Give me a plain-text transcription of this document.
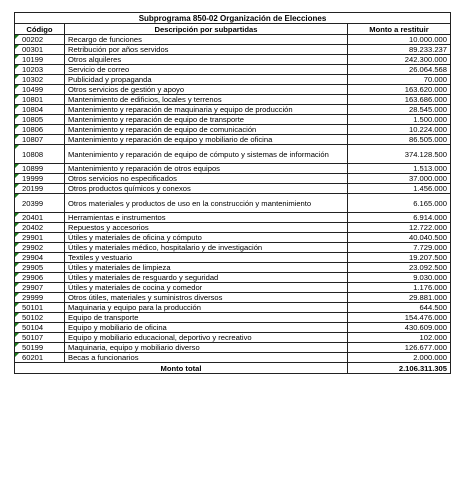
Subprograma 850-02 Organización de Elecciones		
Código	Descripción por subpartidas	Monto a restituir
00202	Recargo de funciones	10.000.000
00301	Retribución por años servidos	89.233.237
10199	Otros alquileres	242.300.000
10203	Servicio de correo	26.064.568
10302	Publicidad y propaganda	70.000
10499	Otros servicios de gestión y apoyo	163.620.000
10801	Mantenimiento de edificios, locales y terrenos	163.686.000
10804	Mantenimiento y reparación de maquinaria y equipo de producción	28.545.000
10805	Mantenimiento y reparación de equipo de transporte	1.500.000
10806	Mantenimiento y reparación de equipo de comunicación	10.224.000
10807	Mantenimiento y reparación de equipo y mobiliario de oficina	86.505.000
10808	Mantenimiento y reparación de equipo de cómputo y sistemas de información	374.128.500
10899	Mantenimiento y reparación de otros equipos	1.513.000
19999	Otros servicios no especificados	37.000.000
20199	Otros productos químicos y conexos	1.456.000
20399	Otros materiales y productos de uso en la construcción y mantenimiento	6.165.000
20401	Herramientas e instrumentos	6.914.000
20402	Repuestos y accesorios	12.722.000
29901	Útiles y materiales de oficina y cómputo	40.040.500
29902	Útiles y materiales médico, hospitalario y de investigación	7.729.000
29904	Textiles y vestuario	19.207.500
29905	Útiles y materiales de limpieza	23.092.500
29906	Útiles y materiales de resguardo y seguridad	9.030.000
29907	Útiles y materiales de cocina y comedor	1.176.000
29999	Otros útiles, materiales y suministros diversos	29.881.000
50101	Maquinaria y equipo para la producción	644.500
50102	Equipo de transporte	154.476.000
50104	Equipo y mobiliario de oficina	430.609.000
50107	Equipo y mobiliario educacional, deportivo y recreativo	102.000
50199	Maquinaria, equipo y mobiliario diverso	126.677.000
60201	Becas a funcionarios	2.000.000
Monto total		2.106.311.305
